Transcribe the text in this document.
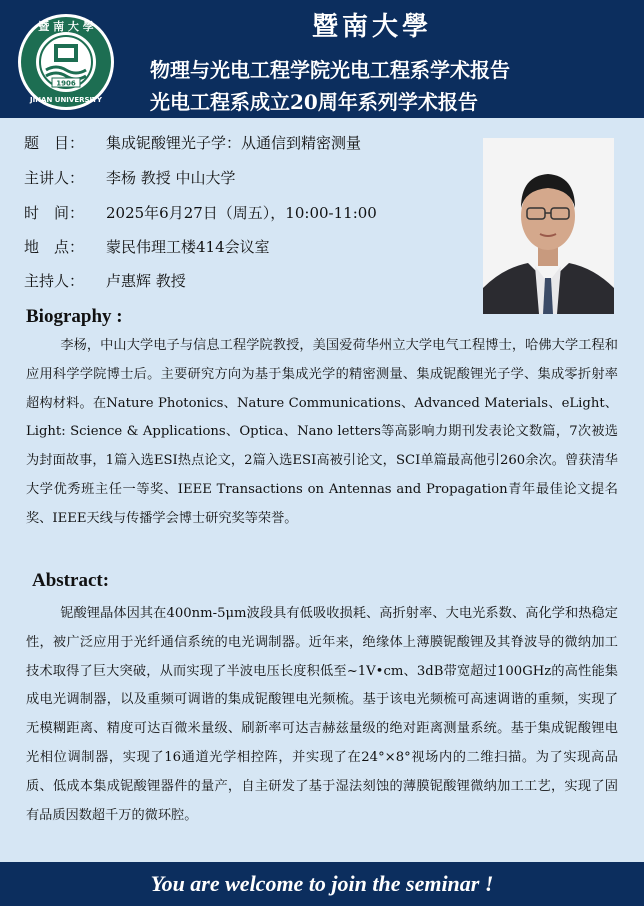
暨 南 大 學
JINAN UNIVERSITY
1906
暨南大學
物理与光电工程学院光电工程系学术报告
光电工程系成立20周年系列学术报告
题　目：	集成铌酸锂光子学：从通信到精密测量
主讲人：	李杨 教授 中山大学
时　间：	2025年6月27日（周五），10:00-11:00
地　点：	蒙民伟理工楼414会议室
主持人：	卢惠辉 教授
Biography :

李杨，中山大学电子与信息工程学院教授，美国爱荷华州立大学电气工程博士，哈佛大学工程和应用科学学院博士后。主要研究方向为基于集成光学的精密测量、集成铌酸锂光子学、集成零折射率超构材料。在Nature Photonics、Nature Communications、Advanced Materials、eLight、Light: Science & Applications、Optica、Nano letters等高影响力期刊发表论文数篇，7次被选为封面故事，1篇入选ESI热点论文，2篇入选ESI高被引论文，SCI单篇最高他引260余次。曾获清华大学优秀班主任一等奖、IEEE Transactions on Antennas and Propagation青年最佳论文提名奖、IEEE天线与传播学会博士研究奖等荣誉。

Abstract:

铌酸锂晶体因其在400nm-5μm波段具有低吸收损耗、高折射率、大电光系数、高化学和热稳定性，被广泛应用于光纤通信系统的电光调制器。近年来，绝缘体上薄膜铌酸锂及其脊波导的微纳加工技术取得了巨大突破，从而实现了半波电压长度积低至~1V•cm、3dB带宽超过100GHz的高性能集成电光调制器，以及重频可调谐的集成铌酸锂电光频梳。基于该电光频梳可高速调谐的重频，实现了无模糊距离、精度可达百微米量级、刷新率可达吉赫兹量级的绝对距离测量系统。基于集成铌酸锂电光相位调制器，实现了16通道光学相控阵，并实现了在24°×8°视场内的二维扫描。为了实现高品质、低成本集成铌酸锂器件的量产，自主研发了基于湿法刻蚀的薄膜铌酸锂微纳加工工艺，实现了固有品质因数超千万的微环腔。

You are welcome to join the seminar !
